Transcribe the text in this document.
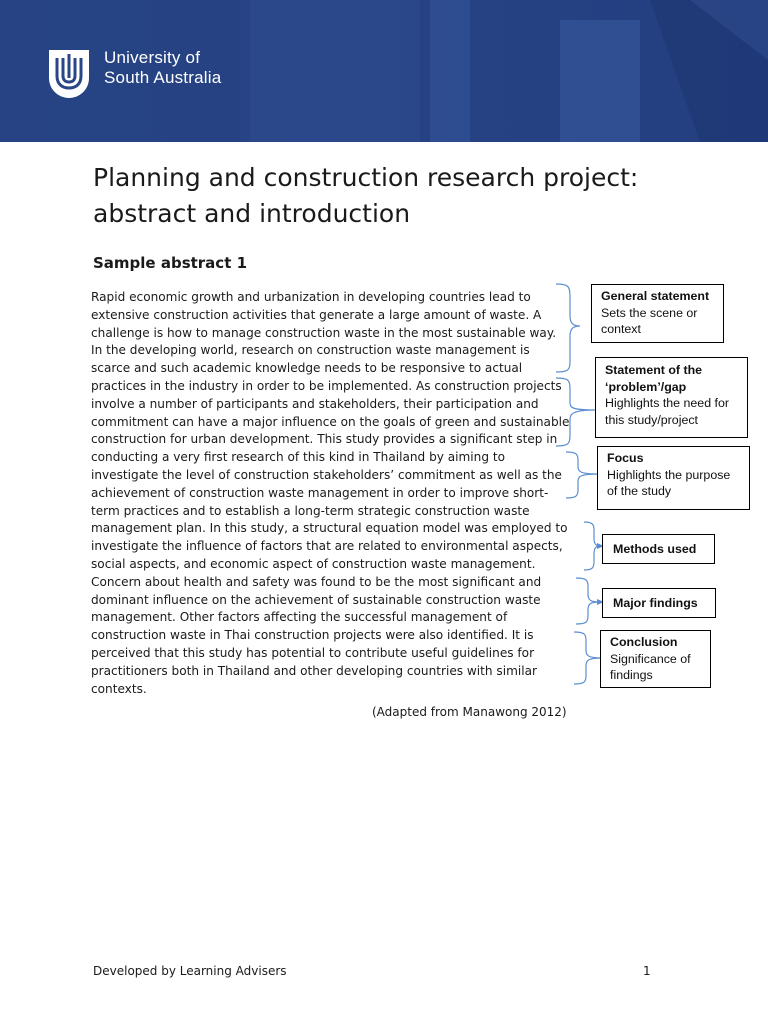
University of
South Australia
Planning and construction research project:
abstract and introduction
Sample abstract 1
Rapid economic growth and urbanization in developing countries lead to
extensive construction activities that generate a large amount of waste. A
challenge is how to manage construction waste in the most sustainable way.
In the developing world, research on construction waste management is
scarce and such academic knowledge needs to be responsive to actual
practices in the industry in order to be implemented. As construction projects
involve a number of participants and stakeholders, their participation and
commitment can have a major influence on the goals of green and sustainable
construction for urban development. This study provides a significant step in
conducting a very first research of this kind in Thailand by aiming to
investigate the level of construction stakeholders’ commitment as well as the
achievement of construction waste management in order to improve short-
term practices and to establish a long-term strategic construction waste
management plan. In this study, a structural equation model was employed to
investigate the influence of factors that are related to environmental aspects,
social aspects, and economic aspect of construction waste management.
Concern about health and safety was found to be the most significant and
dominant influence on the achievement of sustainable construction waste
management. Other factors affecting the successful management of
construction waste in Thai construction projects were also identified. It is
perceived that this study has potential to contribute useful guidelines for
practitioners both in Thailand and other developing countries with similar
contexts.
(Adapted from Manawong 2012)
General statement
Sets the scene or context
Statement of the ‘problem’/gap
Highlights the need for this study/project
Focus
Highlights the purpose of the study
Methods used
Major findings
Conclusion
Significance of findings
Developed by Learning Advisers	1
